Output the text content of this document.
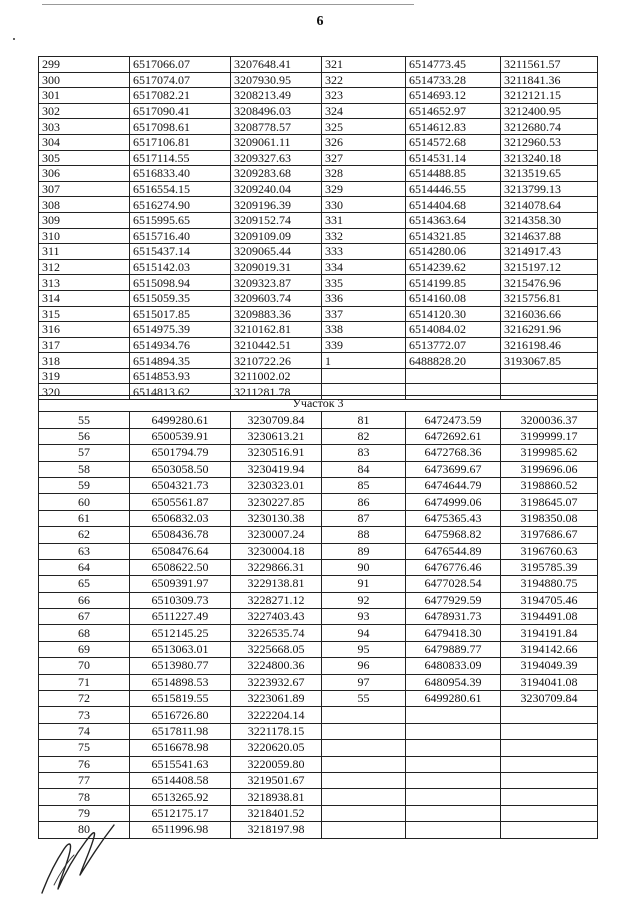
6
299	6517066.07	3207648.41	321	6514773.45	3211561.57
300	6517074.07	3207930.95	322	6514733.28	3211841.36
301	6517082.21	3208213.49	323	6514693.12	3212121.15
302	6517090.41	3208496.03	324	6514652.97	3212400.95
303	6517098.61	3208778.57	325	6514612.83	3212680.74
304	6517106.81	3209061.11	326	6514572.68	3212960.53
305	6517114.55	3209327.63	327	6514531.14	3213240.18
306	6516833.40	3209283.68	328	6514488.85	3213519.65
307	6516554.15	3209240.04	329	6514446.55	3213799.13
308	6516274.90	3209196.39	330	6514404.68	3214078.64
309	6515995.65	3209152.74	331	6514363.64	3214358.30
310	6515716.40	3209109.09	332	6514321.85	3214637.88
311	6515437.14	3209065.44	333	6514280.06	3214917.43
312	6515142.03	3209019.31	334	6514239.62	3215197.12
313	6515098.94	3209323.87	335	6514199.85	3215476.96
314	6515059.35	3209603.74	336	6514160.08	3215756.81
315	6515017.85	3209883.36	337	6514120.30	3216036.66
316	6514975.39	3210162.81	338	6514084.02	3216291.96
317	6514934.76	3210442.51	339	6513772.07	3216198.46
318	6514894.35	3210722.26	1	6488828.20	3193067.85
319	6514853.93	3211002.02			
320	6514813.62	3211281.78			
Участок 3					
55	6499280.61	3230709.84	81	6472473.59	3200036.37
56	6500539.91	3230613.21	82	6472692.61	3199999.17
57	6501794.79	3230516.91	83	6472768.36	3199985.62
58	6503058.50	3230419.94	84	6473699.67	3199696.06
59	6504321.73	3230323.01	85	6474644.79	3198860.52
60	6505561.87	3230227.85	86	6474999.06	3198645.07
61	6506832.03	3230130.38	87	6475365.43	3198350.08
62	6508436.78	3230007.24	88	6475968.82	3197686.67
63	6508476.64	3230004.18	89	6476544.89	3196760.63
64	6508622.50	3229866.31	90	6476776.46	3195785.39
65	6509391.97	3229138.81	91	6477028.54	3194880.75
66	6510309.73	3228271.12	92	6477929.59	3194705.46
67	6511227.49	3227403.43	93	6478931.73	3194491.08
68	6512145.25	3226535.74	94	6479418.30	3194191.84
69	6513063.01	3225668.05	95	6479889.77	3194142.66
70	6513980.77	3224800.36	96	6480833.09	3194049.39
71	6514898.53	3223932.67	97	6480954.39	3194041.08
72	6515819.55	3223061.89	55	6499280.61	3230709.84
73	6516726.80	3222204.14			
74	6517811.98	3221178.15			
75	6516678.98	3220620.05			
76	6515541.63	3220059.80			
77	6514408.58	3219501.67			
78	6513265.92	3218938.81			
79	6512175.17	3218401.52			
80	6511996.98	3218197.98			
